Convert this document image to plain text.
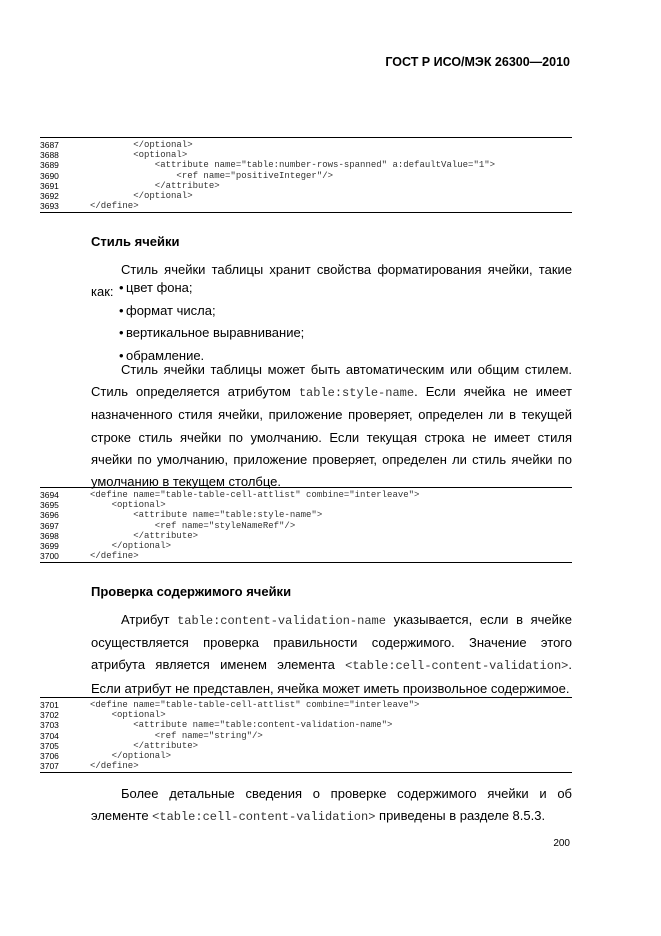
ГОСТ Р ИСО/МЭК 26300—2010
3687	</optional>
3688	<optional>
3689	<attribute name="table:number-rows-spanned" a:defaultValue="1">
3690	<ref name="positiveInteger"/>
3691	</attribute>
3692	</optional>
3693	</define>
Стиль ячейки
Стиль ячейки таблицы хранит свойства форматирования ячейки, такие как: • цвет фона;
• формат числа;
• вертикальное выравнивание;
• обрамление.
Стиль ячейки таблицы может быть автоматическим или общим стилем. Стиль определяется атрибутом table:style-name. Если ячейка не имеет назначенного стиля ячейки, приложение проверяет, определен ли в текущей строке стиль ячейки по умолчанию. Если текущая строка не имеет стиля ячейки по умолчанию, приложение проверяет, определен ли стиль ячейки по умолчанию в текущем столбце.
3694	<define name="table-table-cell-attlist" combine="interleave">
3695	<optional>
3696	<attribute name="table:style-name">
3697	<ref name="styleNameRef"/>
3698	</attribute>
3699	</optional>
3700	</define>
Проверка содержимого ячейки
Атрибут table:content-validation-name указывается, если в ячейке осуществляется проверка правильности содержимого. Значение этого атрибута является именем элемента <table:cell-content-validation>. Если атрибут не представлен, ячейка может иметь произвольное содержимое.
3701	<define name="table-table-cell-attlist" combine="interleave">
3702	<optional>
3703	<attribute name="table:content-validation-name">
3704	<ref name="string"/>
3705	</attribute>
3706	</optional>
3707	</define>
Более детальные сведения о проверке содержимого ячейки и об элементе <table:cell-content-validation> приведены в разделе 8.5.3.
200
